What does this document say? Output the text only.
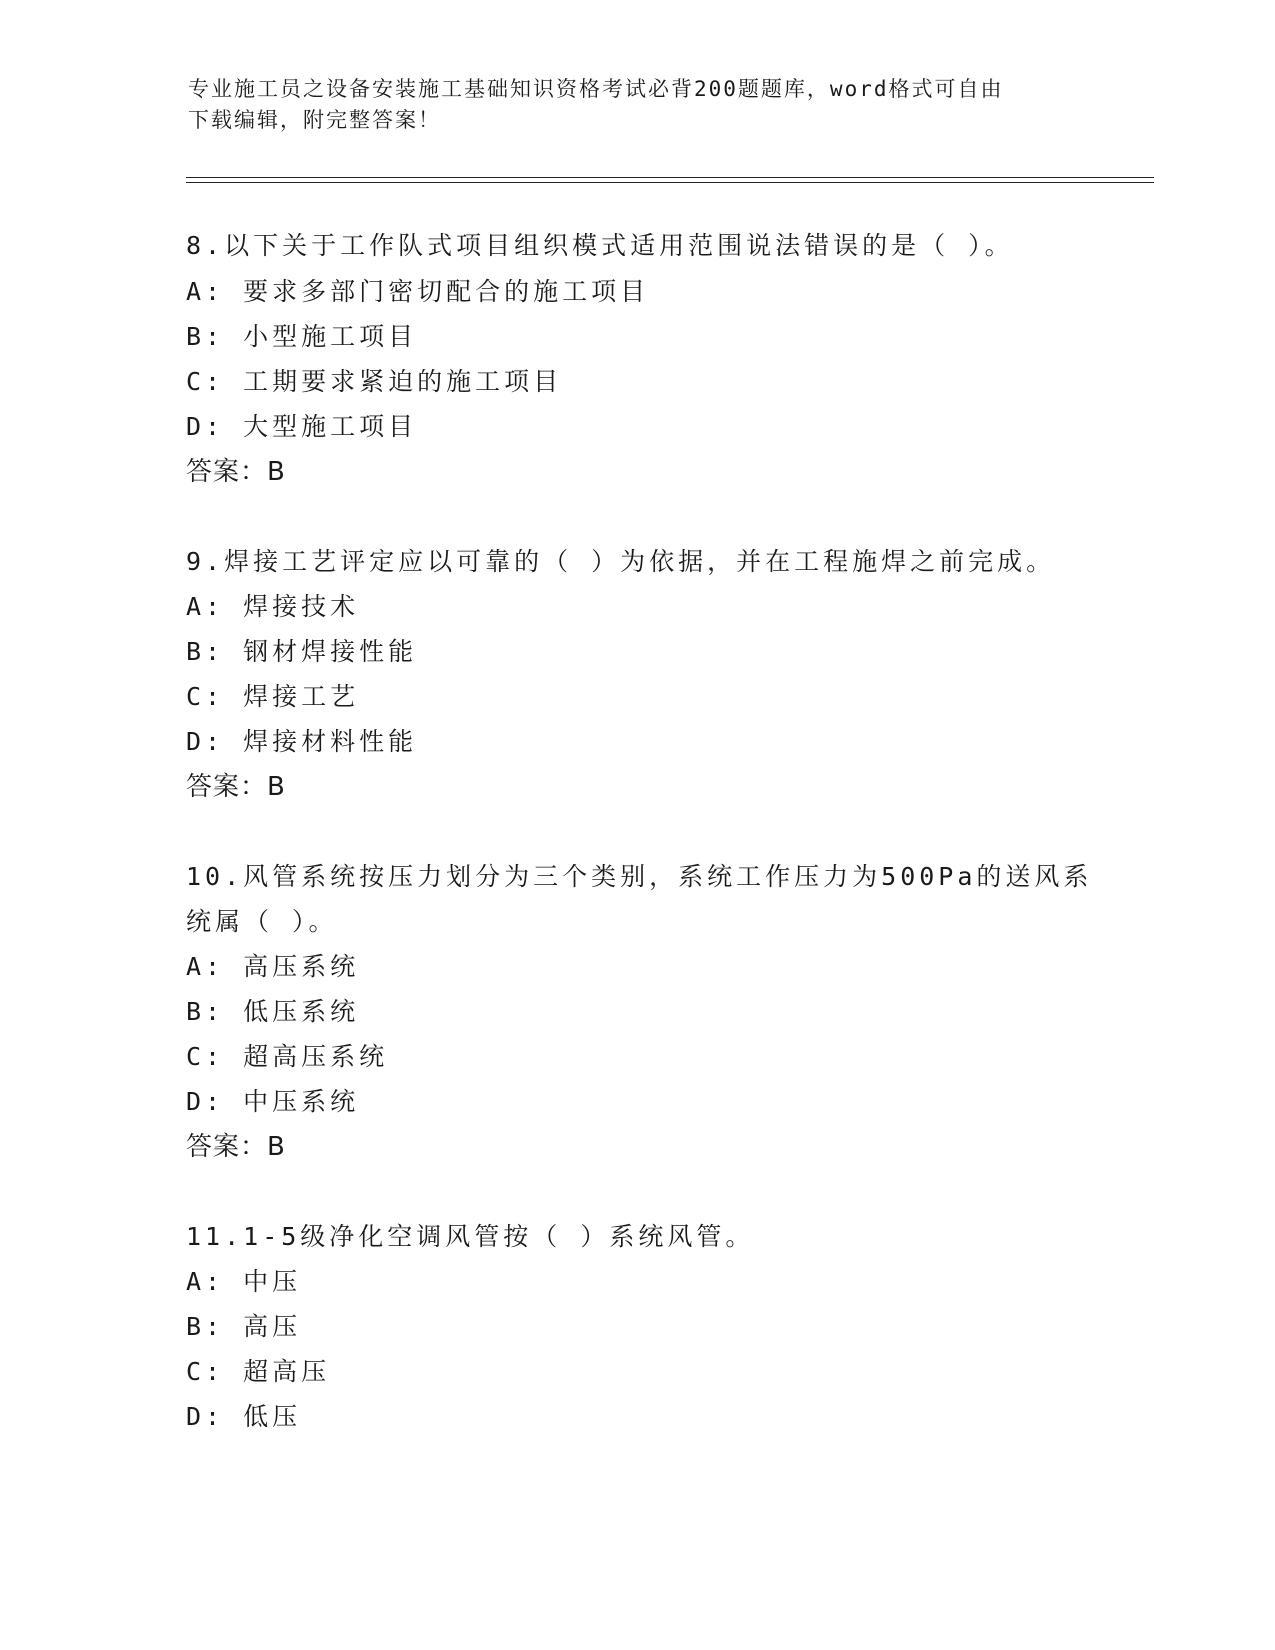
专业施工员之设备安装施工基础知识资格考试必背200题题库，word格式可自由
下载编辑，附完整答案！
8.以下关于工作队式项目组织模式适用范围说法错误的是（ ）。
A: 要求多部门密切配合的施工项目
B: 小型施工项目
C: 工期要求紧迫的施工项目
D: 大型施工项目
答案：B
9.焊接工艺评定应以可靠的（ ）为依据，并在工程施焊之前完成。
A: 焊接技术
B: 钢材焊接性能
C: 焊接工艺
D: 焊接材料性能
答案：B
10.风管系统按压力划分为三个类别，系统工作压力为500Pa的送风系
统属（ ）。
A: 高压系统
B: 低压系统
C: 超高压系统
D: 中压系统
答案：B
11.1-5级净化空调风管按（ ）系统风管。
A: 中压
B: 高压
C: 超高压
D: 低压
